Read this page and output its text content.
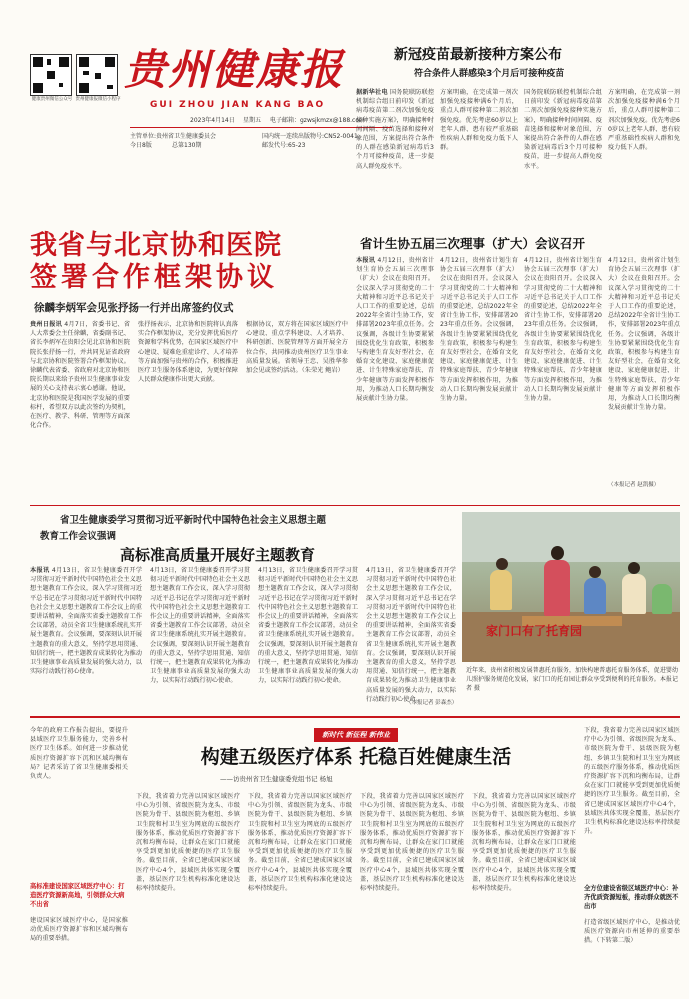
健康贵州微信公众号 贵州健康报微信小程序
贵州健康报
GUI ZHOU JIAN KANG BAO
2023年4月14日 星期五 电子邮箱：gzwsjkmzx@188.com
主管单位:贵州省卫生健康委员会
今日8版	总第130期
国内统一连续出版物号:CN52-0041
邮发代号:65-23
新冠疫苗最新接种方案公布
符合条件人群感染3个月后可接种疫苗
据新华社电 国务院联防联控机制综合组日前印发《新冠病毒疫苗第二剂次加强免疫接种实施方案》，明确接种时间间隔、疫苗选择和接种对象范围，方案提出符合条件的人群在感染新冠病毒后3个月可接种疫苗，进一步提高人群免疫水平。
方案明确，在完成第一剂次加强免疫接种满6个月后，重点人群可接种第二剂次加强免疫。优先考虑60岁以上老年人群、患有较严重基础性疾病人群和免疫力低下人群。
国务院联防联控机制综合组日前印发《新冠病毒疫苗第二剂次加强免疫接种实施方案》，明确接种时间间隔、疫苗选择和接种对象范围，方案提出符合条件的人群在感染新冠病毒后3个月可接种疫苗，进一步提高人群免疫水平。
方案明确，在完成第一剂次加强免疫接种满6个月后，重点人群可接种第二剂次加强免疫。优先考虑60岁以上老年人群、患有较严重基础性疾病人群和免疫力低下人群。
我省与北京协和医院
签署合作框架协议
徐麟李炳军会见张抒扬一行并出席签约仪式
贵州日报讯 4月7日，省委书记、省人大常委会主任徐麟，省委副书记、省长李炳军在贵阳会见北京协和医院院长张抒扬一行，并共同见证省政府与北京协和医院签署合作框架协议。徐麟代表省委、省政府对北京协和医院长期以来给予贵州卫生健康事业发展的关心支持表示衷心感谢。他说，北京协和医院是我国医学发展的重要标杆，希望双方以此次签约为契机，在医疗、教学、科研、管理等方面深化合作。
张抒扬表示，北京协和医院将认真落实合作框架协议，充分发挥优质医疗资源和学科优势，在国家区域医疗中心建设、疑难危重症诊疗、人才培养等方面加强与贵州的合作，积极推进医疗卫生服务体系建设，为更好保障人民群众健康作出更大贡献。
根据协议，双方将在国家区域医疗中心建设、重点学科建设、人才培养、科研创新、医院管理等方面开展全方位合作，共同推动贵州医疗卫生事业高质量发展。省领导王忠、吴胜华参加会见或签约活动。（朱荣光 鲍岩）
省计生协五届三次理事（扩大）会议召开
本报讯 4月12日，贵州省计划生育协会五届三次理事（扩大）会议在贵阳召开。会议深入学习贯彻党的二十大精神和习近平总书记关于人口工作的重要论述，总结2022年全省计生协工作，安排部署2023年重点任务。会议强调，各级计生协要紧紧围绕优化生育政策，积极参与构建生育友好型社会，在婚育文化建设、家庭健康促进、计生特殊家庭帮扶、青少年健康等方面发挥积极作用，为推动人口长期均衡发展贡献计生协力量。
4月12日，贵州省计划生育协会五届三次理事（扩大）会议在贵阳召开。会议深入学习贯彻党的二十大精神和习近平总书记关于人口工作的重要论述，总结2022年全省计生协工作，安排部署2023年重点任务。会议强调，各级计生协要紧紧围绕优化生育政策，积极参与构建生育友好型社会，在婚育文化建设、家庭健康促进、计生特殊家庭帮扶、青少年健康等方面发挥积极作用，为推动人口长期均衡发展贡献计生协力量。
4月12日，贵州省计划生育协会五届三次理事（扩大）会议在贵阳召开。会议深入学习贯彻党的二十大精神和习近平总书记关于人口工作的重要论述，总结2022年全省计生协工作，安排部署2023年重点任务。会议强调，各级计生协要紧紧围绕优化生育政策，积极参与构建生育友好型社会，在婚育文化建设、家庭健康促进、计生特殊家庭帮扶、青少年健康等方面发挥积极作用，为推动人口长期均衡发展贡献计生协力量。
4月12日，贵州省计划生育协会五届三次理事（扩大）会议在贵阳召开。会议深入学习贯彻党的二十大精神和习近平总书记关于人口工作的重要论述，总结2022年全省计生协工作，安排部署2023年重点任务。会议强调，各级计生协要紧紧围绕优化生育政策，积极参与构建生育友好型社会，在婚育文化建设、家庭健康促进、计生特殊家庭帮扶、青少年健康等方面发挥积极作用，为推动人口长期均衡发展贡献计生协力量。
（本报记者 赵凯摄）
省卫生健康委学习贯彻习近平新时代中国特色社会主义思想主题
教育工作会议强调
高标准高质量开展好主题教育
本报讯 4月13日，省卫生健康委召开学习贯彻习近平新时代中国特色社会主义思想主题教育工作会议，深入学习贯彻习近平总书记在学习贯彻习近平新时代中国特色社会主义思想主题教育工作会议上的重要讲话精神，全面落实省委主题教育工作会议部署，动员全省卫生健康系统扎实开展主题教育。会议强调，要深刻认识开展主题教育的重大意义，坚持学思用贯通、知信行统一，把主题教育成果转化为推动卫生健康事业高质量发展的强大动力，以实际行动践行初心使命。
4月13日，省卫生健康委召开学习贯彻习近平新时代中国特色社会主义思想主题教育工作会议，深入学习贯彻习近平总书记在学习贯彻习近平新时代中国特色社会主义思想主题教育工作会议上的重要讲话精神，全面落实省委主题教育工作会议部署，动员全省卫生健康系统扎实开展主题教育。会议强调，要深刻认识开展主题教育的重大意义，坚持学思用贯通、知信行统一，把主题教育成果转化为推动卫生健康事业高质量发展的强大动力，以实际行动践行初心使命。
4月13日，省卫生健康委召开学习贯彻习近平新时代中国特色社会主义思想主题教育工作会议，深入学习贯彻习近平总书记在学习贯彻习近平新时代中国特色社会主义思想主题教育工作会议上的重要讲话精神，全面落实省委主题教育工作会议部署，动员全省卫生健康系统扎实开展主题教育。会议强调，要深刻认识开展主题教育的重大意义，坚持学思用贯通、知信行统一，把主题教育成果转化为推动卫生健康事业高质量发展的强大动力，以实际行动践行初心使命。
4月13日，省卫生健康委召开学习贯彻习近平新时代中国特色社会主义思想主题教育工作会议，深入学习贯彻习近平总书记在学习贯彻习近平新时代中国特色社会主义思想主题教育工作会议上的重要讲话精神，全面落实省委主题教育工作会议部署，动员全省卫生健康系统扎实开展主题教育。会议强调，要深刻认识开展主题教育的重大意义，坚持学思用贯通、知信行统一，把主题教育成果转化为推动卫生健康事业高质量发展的强大动力，以实际行动践行初心使命。
（本报记者 彭森杰）
家门口有了托育园
近年来，贵州省积极发展普惠托育服务，加快构建普惠托育服务体系，促进婴幼儿照护服务规范化发展，家门口的托育园让群众享受到便利的托育服务。本报记者 摄
今年的政府工作报告提出，要提升县域医疗卫生服务能力，完善乡村医疗卫生体系。如何进一步推动优质医疗资源扩容下沉和区域均衡布局？记者采访了省卫生健康委相关负责人。
高标准建设国家区域医疗中心：打造医疗资源新高地，引领群众大病不出省
建设国家区域医疗中心，是国家推动优质医疗资源扩容和区域均衡布局的重要举措。
新时代 新征程 新伟业
构建五级医疗体系 托稳百姓健康生活
——访贵州省卫生健康委党组书记 杨旭
下段，我省着力完善以国家区域医疗中心为引领、省级医院为龙头、市级医院为骨干、县级医院为枢纽、乡镇卫生院和村卫生室为网底的五级医疗服务体系，推动优质医疗资源扩容下沉和均衡布局，让群众在家门口就能享受到更加优质便捷的医疗卫生服务。截至目前，全省已建成国家区域医疗中心4个，县域医共体实现全覆盖，基层医疗卫生机构标准化建设达标率持续提升。
下段，我省着力完善以国家区域医疗中心为引领、省级医院为龙头、市级医院为骨干、县级医院为枢纽、乡镇卫生院和村卫生室为网底的五级医疗服务体系，推动优质医疗资源扩容下沉和均衡布局，让群众在家门口就能享受到更加优质便捷的医疗卫生服务。截至目前，全省已建成国家区域医疗中心4个，县域医共体实现全覆盖，基层医疗卫生机构标准化建设达标率持续提升。
下段，我省着力完善以国家区域医疗中心为引领、省级医院为龙头、市级医院为骨干、县级医院为枢纽、乡镇卫生院和村卫生室为网底的五级医疗服务体系，推动优质医疗资源扩容下沉和均衡布局，让群众在家门口就能享受到更加优质便捷的医疗卫生服务。截至目前，全省已建成国家区域医疗中心4个，县域医共体实现全覆盖，基层医疗卫生机构标准化建设达标率持续提升。
下段，我省着力完善以国家区域医疗中心为引领、省级医院为龙头、市级医院为骨干、县级医院为枢纽、乡镇卫生院和村卫生室为网底的五级医疗服务体系，推动优质医疗资源扩容下沉和均衡布局，让群众在家门口就能享受到更加优质便捷的医疗卫生服务。截至目前，全省已建成国家区域医疗中心4个，县域医共体实现全覆盖，基层医疗卫生机构标准化建设达标率持续提升。
下段，我省着力完善以国家区域医疗中心为引领、省级医院为龙头、市级医院为骨干、县级医院为枢纽、乡镇卫生院和村卫生室为网底的五级医疗服务体系，推动优质医疗资源扩容下沉和均衡布局，让群众在家门口就能享受到更加优质便捷的医疗卫生服务。截至目前，全省已建成国家区域医疗中心4个，县域医共体实现全覆盖，基层医疗卫生机构标准化建设达标率持续提升。
全方位建设省级区域医疗中心：补齐优质资源短板，推动群众就医不出市
打造省级区域医疗中心，是推动优质医疗资源向市州延伸的重要举措。（下转第二版）
